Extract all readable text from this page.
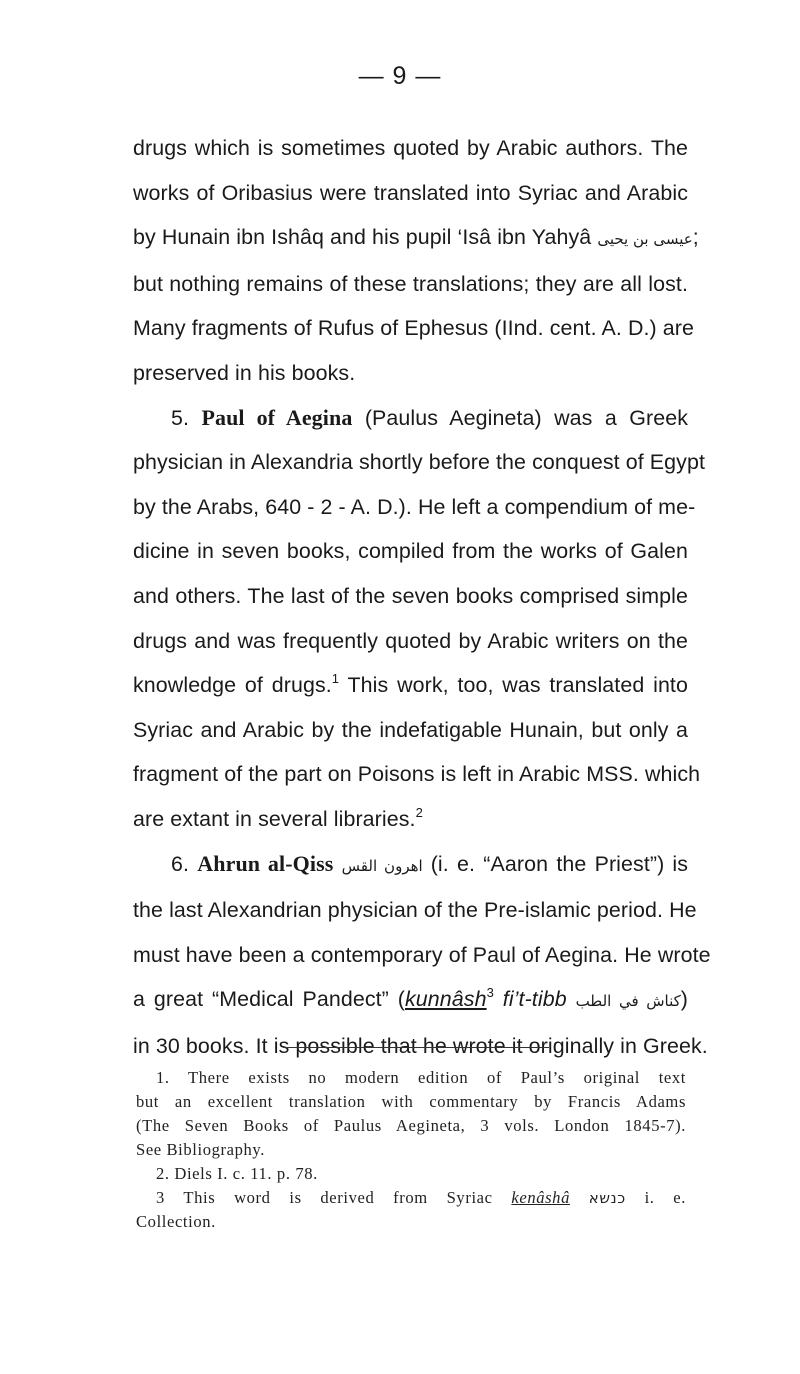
— 9 —
drugs which is sometimes quoted by Arabic authors. The
works of Oribasius were translated into Syriac and Arabic
by Hunain ibn Ishâq and his pupil ‘Isâ ibn Yahyâ عيسى بن يحيى;
but nothing remains of these translations; they are all lost.
Many fragments of Rufus of Ephesus (IInd. cent. A. D.) are
preserved in his books.
5. Paul of Aegina (Paulus Aegineta) was a Greek
physician in Alexandria shortly before the conquest of Egypt
by the Arabs, 640 - 2 - A. D.). He left a compendium of me-
dicine in seven books, compiled from the works of Galen
and others. The last of the seven books comprised simple
drugs and was frequently quoted by Arabic writers on the
knowledge of drugs.$^1$ This work, too, was translated into
Syriac and Arabic by the indefatigable Hunain, but only a
fragment of the part on Poisons is left in Arabic MSS. which
are extant in several libraries.$^2$
6. Ahrun al-Qiss اهرون القس (i. e. “Aaron the Priest”) is
the last Alexandrian physician of the Pre-islamic period. He
must have been a contemporary of Paul of Aegina. He wrote
a great “Medical Pandect” (kunnâsh$^3$ fi’t-tibb كناش في الطب)
in 30 books. It is possible that he wrote it originally in Greek.
1. There exists no modern edition of Paul’s original text
but an excellent translation with commentary by Francis Adams
(The Seven Books of Paulus Aegineta, 3 vols. London 1845-7).
See Bibliography.
2. Diels I. c. 11. p. 78.
3 This word is derived from Syriac kenâshâ כנשא i. e.
Collection.
